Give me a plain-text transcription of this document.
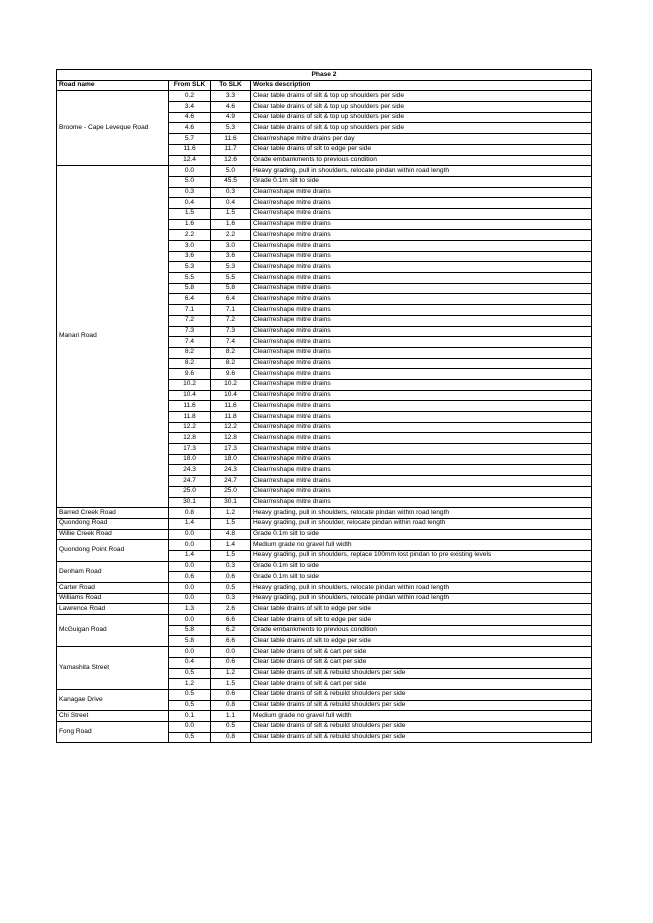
Phase 2			
Road name	From SLK	To SLK	Works description
Broome - Cape Leveque Road	0.2	3.3	Clear table drains of silt & top up shoulders per side
	3.4	4.6	Clear table drains of silt & top up shoulders per side
	4.6	4.9	Clear table drains of silt & top up shoulders per side
	4.6	5.3	Clear table drains of silt & top up shoulders per side
	5.7	11.6	Clear/reshape mitre drains per day
	11.6	11.7	Clear table drains of silt to edge per side
	12.4	12.6	Grade embankments to previous condition
Manari Road	0.0	5.0	Heavy grading, pull in shoulders, relocate pindan within road length
	5.0	45.5	Grade 0.1m silt to side
	0.3	0.3	Clear/reshape mitre drains
	0.4	0.4	Clear/reshape mitre drains
	1.5	1.5	Clear/reshape mitre drains
	1.6	1.6	Clear/reshape mitre drains
	2.2	2.2	Clear/reshape mitre drains
	3.0	3.0	Clear/reshape mitre drains
	3.6	3.6	Clear/reshape mitre drains
	5.3	5.3	Clear/reshape mitre drains
	5.5	5.5	Clear/reshape mitre drains
	5.8	5.8	Clear/reshape mitre drains
	6.4	6.4	Clear/reshape mitre drains
	7.1	7.1	Clear/reshape mitre drains
	7.2	7.2	Clear/reshape mitre drains
	7.3	7.3	Clear/reshape mitre drains
	7.4	7.4	Clear/reshape mitre drains
	8.2	8.2	Clear/reshape mitre drains
	8.2	8.2	Clear/reshape mitre drains
	9.6	9.6	Clear/reshape mitre drains
	10.2	10.2	Clear/reshape mitre drains
	10.4	10.4	Clear/reshape mitre drains
	11.6	11.6	Clear/reshape mitre drains
	11.8	11.8	Clear/reshape mitre drains
	12.2	12.2	Clear/reshape mitre drains
	12.8	12.8	Clear/reshape mitre drains
	17.3	17.3	Clear/reshape mitre drains
	18.0	18.0	Clear/reshape mitre drains
	24.3	24.3	Clear/reshape mitre drains
	24.7	24.7	Clear/reshape mitre drains
	25.0	25.0	Clear/reshape mitre drains
	30.1	30.1	Clear/reshape mitre drains
Barred Creek Road	0.8	1.2	Heavy grading, pull in shoulders, relocate pindan within road length
Quondong Road	1.4	1.5	Heavy grading, pull in shoulder, relocate pindan within road length
Willie Creek Road	0.0	4.8	Grade 0.1m silt to side
Quondong Point Road	0.0	1.4	Medium grade no gravel full width
	1.4	1.5	Heavy grading, pull in shoulders, replace 100mm lost pindan to pre existing levels
Denham Road	0.0	0.3	Grade 0.1m silt to side
	0.6	0.6	Grade 0.1m silt to side
Carter Road	0.0	0.5	Heavy grading, pull in shoulders, relocate pindan within road length
Williams Road	0.0	0.3	Heavy grading, pull in shoulders, relocate pindan within road length
Lawrence Road	1.3	2.6	Clear table drains of silt to edge per side
McGuigan Road	0.0	6.6	Clear table drains of silt to edge per side
	5.8	6.2	Grade embankments to previous condition
	5.8	6.6	Clear table drains of silt to edge per side
Yamashita Street	0.0	0.0	Clear table drains of silt & cart per side
	0.4	0.6	Clear table drains of silt & cart per side
	0.5	1.2	Clear table drains of silt & rebuild shoulders per side
	1.2	1.5	Clear table drains of silt & cart per side
Kanagae Drive	0.5	0.6	Clear table drains of silt & rebuild shoulders per side
	0.5	0.8	Clear table drains of silt & rebuild shoulders per side
Chi Street	0.1	1.1	Medium grade no gravel full width
Fong Road	0.0	0.5	Clear table drains of silt & rebuild shoulders per side
	0.5	0.8	Clear table drains of silt & rebuild shoulders per side
